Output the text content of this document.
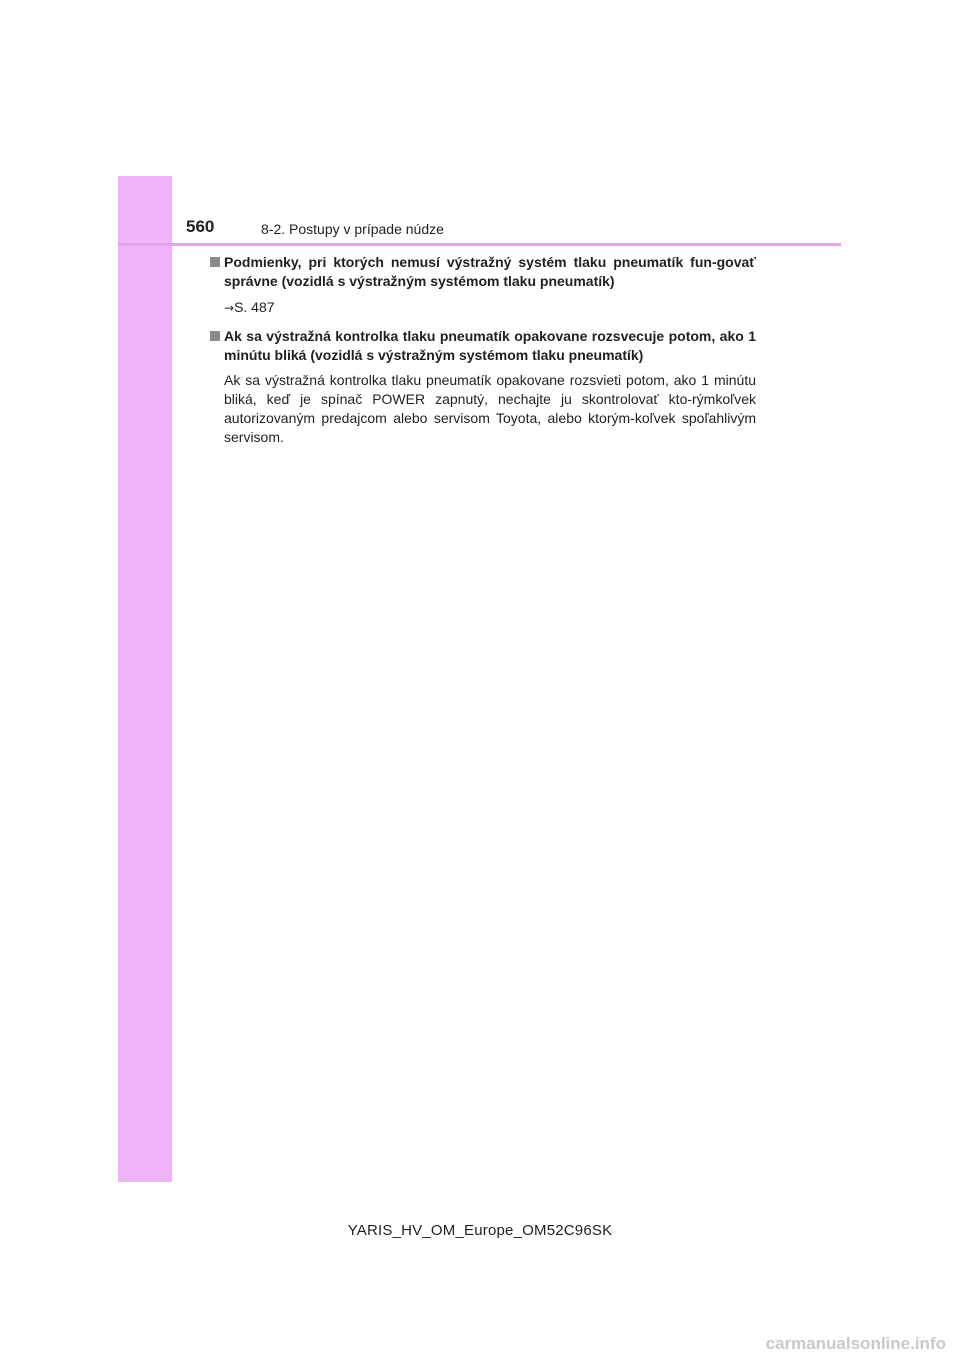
560	8-2. Postupy v prípade núdze
Podmienky, pri ktorých nemusí výstražný systém tlaku pneumatík fun-govať správne (vozidlá s výstražným systémom tlaku pneumatík)
→S. 487
Ak sa výstražná kontrolka tlaku pneumatík opakovane rozsvecuje potom, ako 1 minútu bliká (vozidlá s výstražným systémom tlaku pneumatík)
Ak sa výstražná kontrolka tlaku pneumatík opakovane rozsvieti potom, ako 1 minútu bliká, keď je spínač POWER zapnutý, nechajte ju skontrolovať kto-rýmkoľvek autorizovaným predajcom alebo servisom Toyota, alebo ktorým-koľvek spoľahlivým servisom.
YARIS_HV_OM_Europe_OM52C96SK
carmanualsonline.info
